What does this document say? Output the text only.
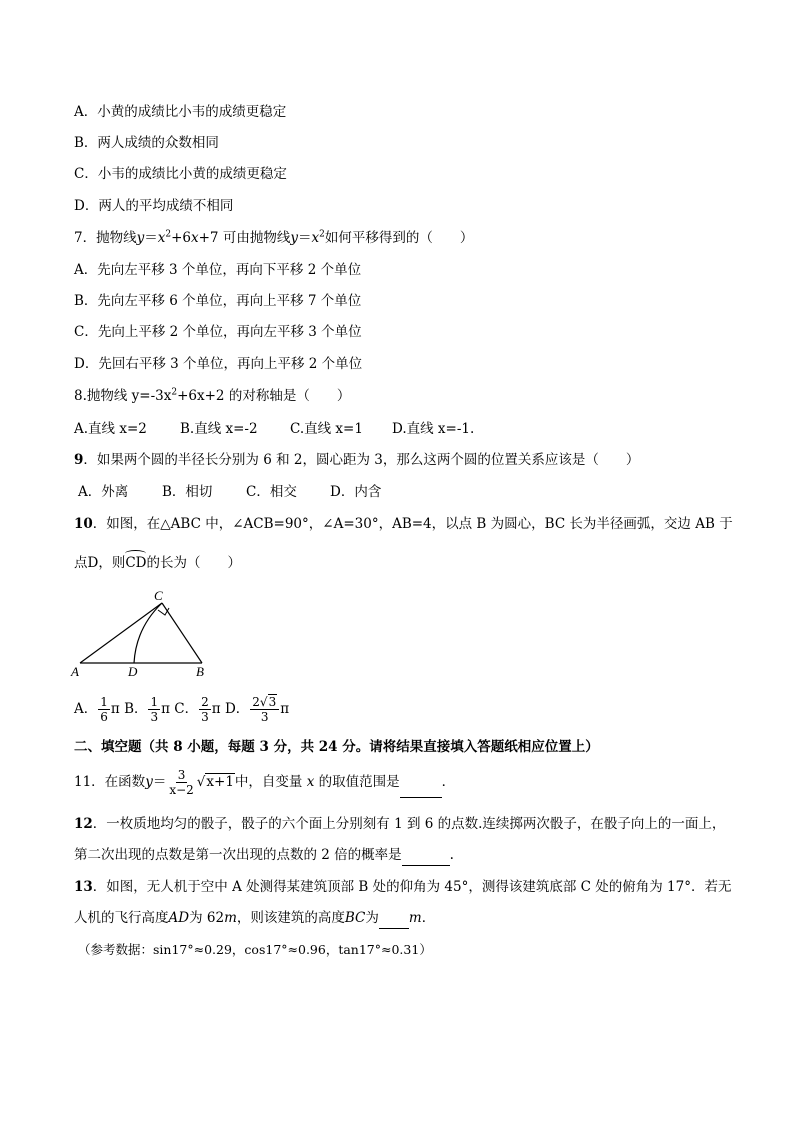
A．小黄的成绩比小韦的成绩更稳定
B．两人成绩的众数相同
C．小韦的成绩比小黄的成绩更稳定
D．两人的平均成绩不相同
7．抛物线$y=x^2+6x+7$ 可由抛物线$y=x^2$如何平移得到的（　　）
A．先向左平移 3 个单位，再向下平移 2 个单位
B．先向左平移 6 个单位，再向上平移 7 个单位
C．先向上平移 2 个单位，再向左平移 3 个单位
D．先回右平移 3 个单位，再向上平移 2 个单位
8.抛物线 $y=-3x^2+6x+2$ 的对称轴是（　　）
A.直线 x=2 B.直线 x=-2 C.直线 x=1 D.直线 x=-1.
9．如果两个圆的半径长分别为 6 和 2，圆心距为 3，那么这两个圆的位置关系应该是（　　）
A．外离	B．相切 C．相交 D．内含
10．如图，在△ABC 中，∠ACB=90°，∠A=30°，AB=4，以点 B 为圆心，BC 长为半径画弧，交边 AB 于
点D，则CD的长为（　　）
A	D	B
C
A． $\frac{1}{6}$ π B． $\frac{1}{3}$ π C． $\frac{2}{3}$ π D． $\frac{2√3}{3}$ π
二、填空题（共 8 小题，每题 3 分，共 24 分。请将结果直接填入答题纸相应位置上）
11．在函数$y= \frac{3}{x-2} √x+1$中，自变量 x 的取值范围是	．
12．一枚质地均匀的骰子，骰子的六个面上分别刻有 1 到 6 的点数.连续掷两次骰子，在骰子向上的一面上，
第二次出现的点数是第一次出现的点数的 2 倍的概率是	.
13．如图，无人机于空中 A 处测得某建筑顶部 B 处的仰角为 45°，测得该建筑底部 C 处的俯角为 17°．若无
人机的飞行高度AD为 62m，则该建筑的高度BC为 m．
（参考数据：sin17°≈0.29，cos17°≈0.96，tan17°≈0.31）
